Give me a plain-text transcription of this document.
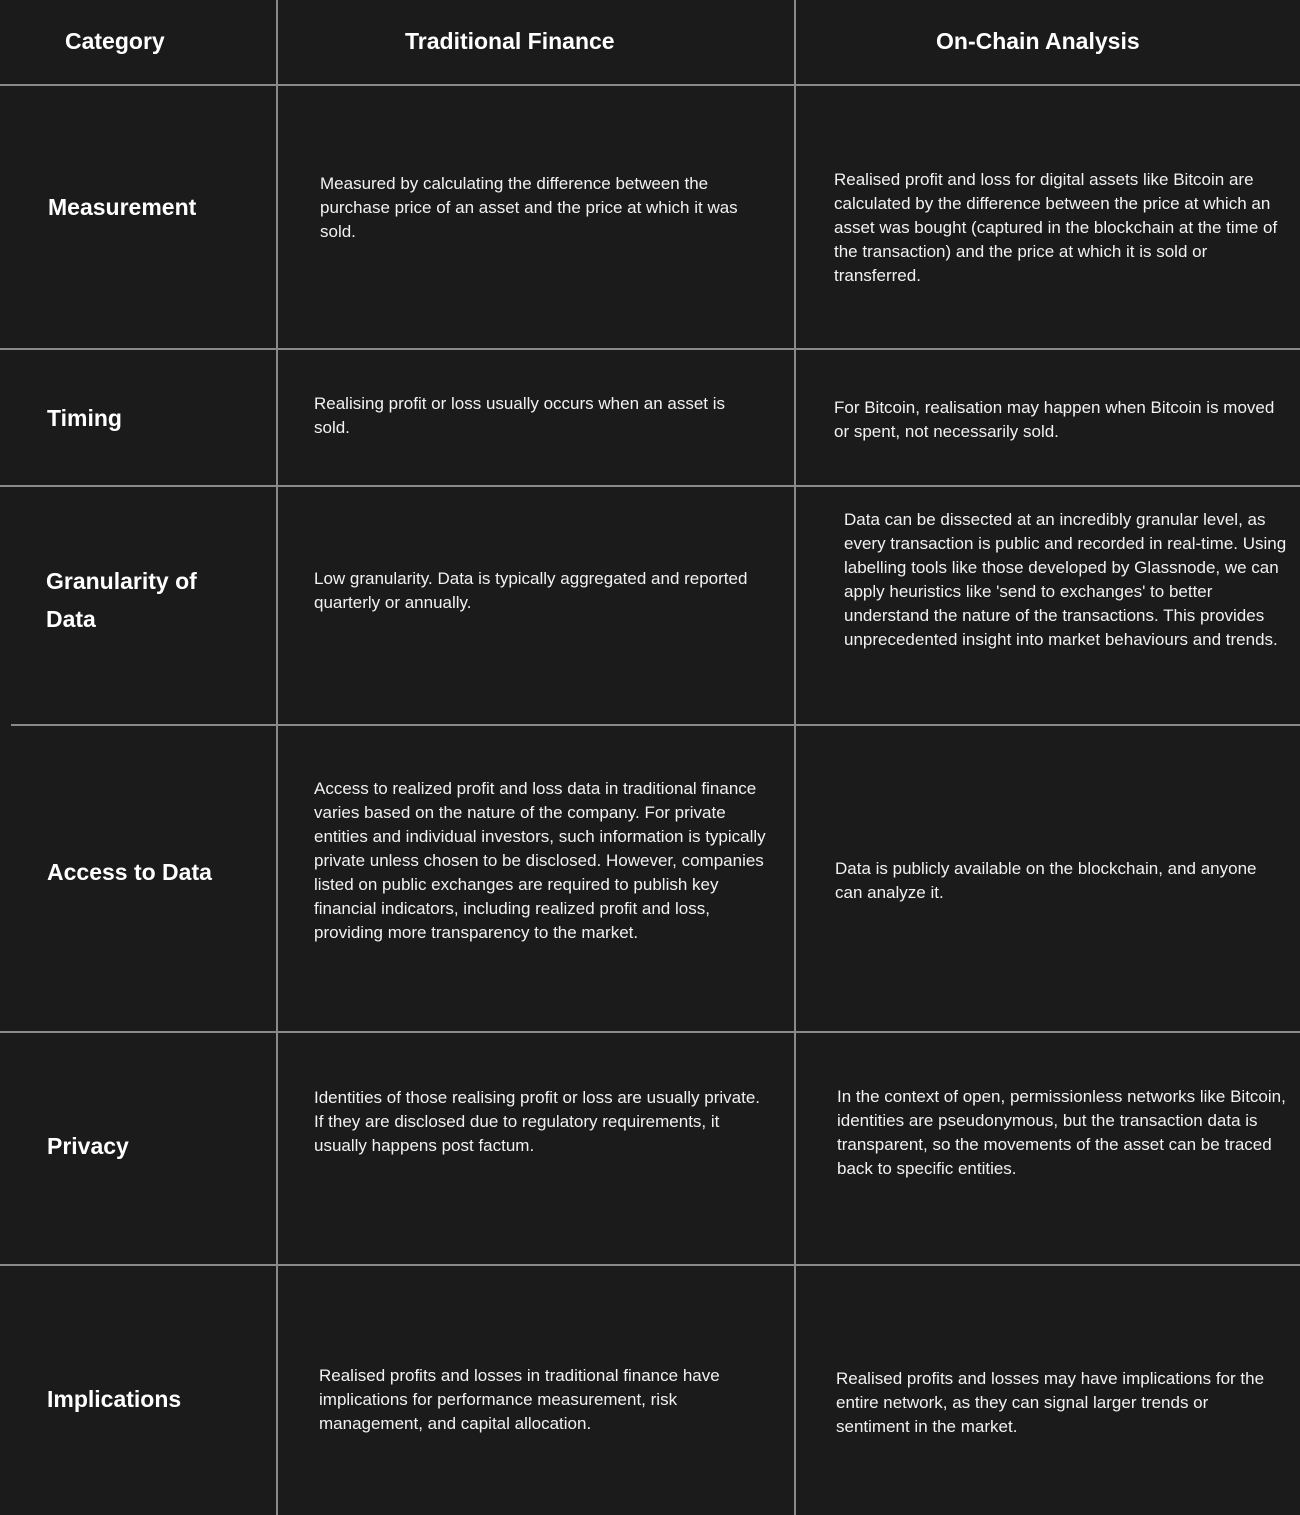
Category	Traditional Finance	On-Chain Analysis
Measurement
Measured by calculating the difference between the purchase price of an asset and the price at which it was sold.
Realised profit and loss for digital assets like Bitcoin are calculated by the difference between the price at which an asset was bought (captured in the blockchain at the time of the transaction) and the price at which it is sold or transferred.
Timing
Realising profit or loss usually occurs when an asset is sold.
For Bitcoin, realisation may happen when Bitcoin is moved or spent, not necessarily sold.
Granularity of Data
Low granularity. Data is typically aggregated and reported quarterly or annually.
Data can be dissected at an incredibly granular level, as every transaction is public and recorded in real-time. Using labelling tools like those developed by Glassnode, we can apply heuristics like 'send to exchanges' to better understand the nature of the transactions. This provides unprecedented insight into market behaviours and trends.
Access to Data
Access to realized profit and loss data in traditional finance varies based on the nature of the company. For private entities and individual investors, such information is typically private unless chosen to be disclosed. However, companies listed on public exchanges are required to publish key financial indicators, including realized profit and loss, providing more transparency to the market.
Data is publicly available on the blockchain, and anyone can analyze it.
Privacy
Identities of those realising profit or loss are usually private. If they are disclosed due to regulatory requirements, it usually happens post factum.
In the context of open, permissionless networks like Bitcoin, identities are pseudonymous, but the transaction data is transparent, so the movements of the asset can be traced back to specific entities.
Implications
Realised profits and losses in traditional finance have implications for performance measurement, risk management, and capital allocation.
Realised profits and losses may have implications for the entire network, as they can signal larger trends or sentiment in the market.
